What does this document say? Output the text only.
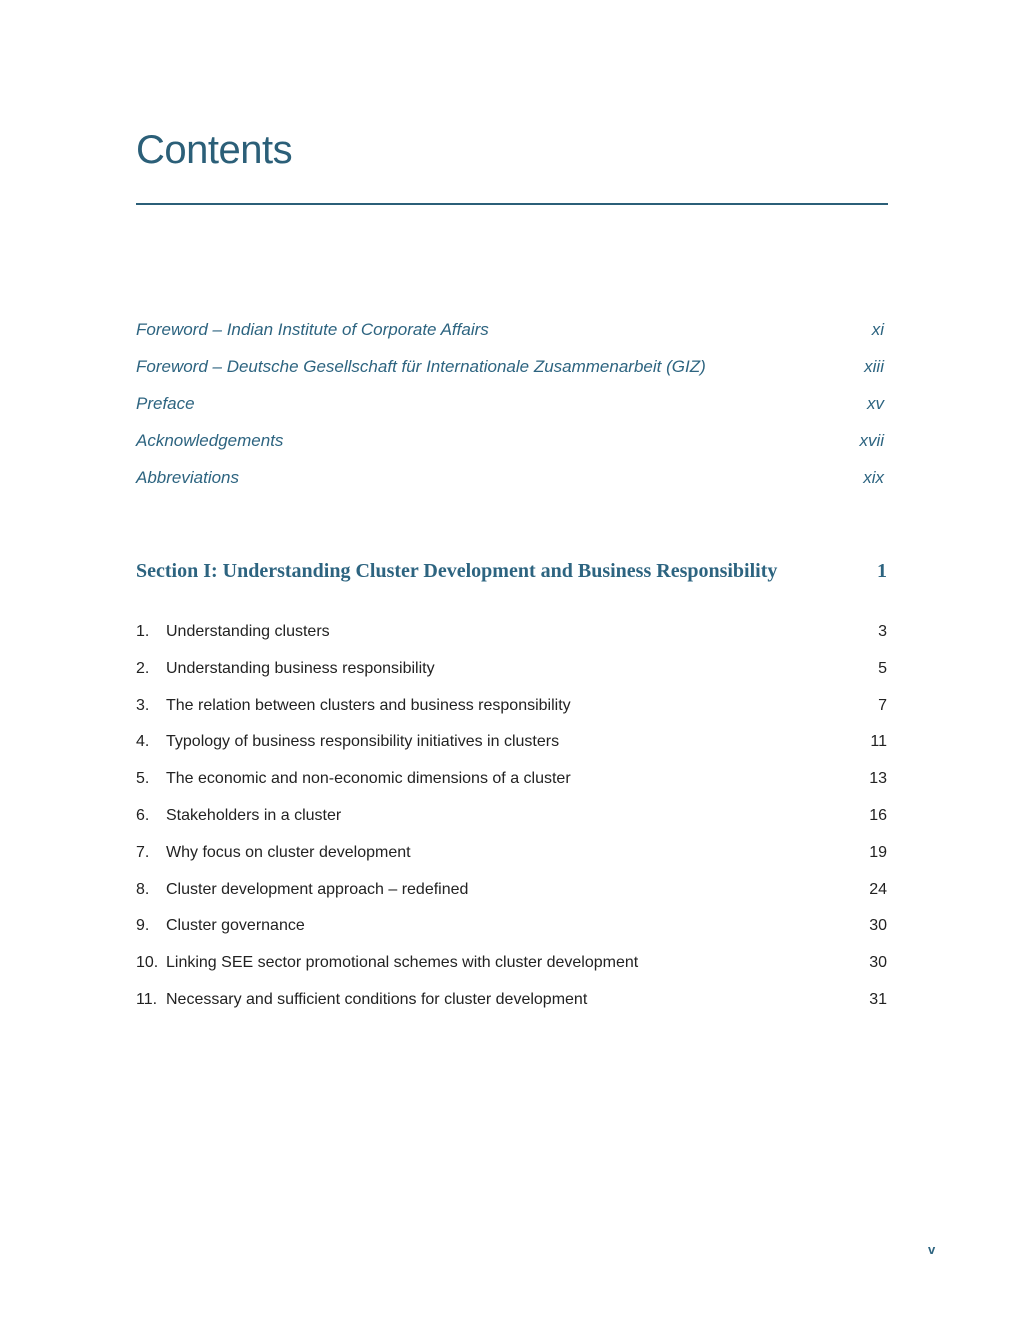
Contents
Foreword – Indian Institute of Corporate Affairs	xi
Foreword – Deutsche Gesellschaft für Internationale Zusammenarbeit (GIZ)	xiii
Preface	xv
Acknowledgements	xvii
Abbreviations	xix
Section I: Understanding Cluster Development and Business Responsibility	1
1. Understanding clusters	3
2. Understanding business responsibility	5
3. The relation between clusters and business responsibility	7
4. Typology of business responsibility initiatives in clusters	11
5. The economic and non-economic dimensions of a cluster	13
6. Stakeholders in a cluster	16
7. Why focus on cluster development	19
8. Cluster development approach – redefined	24
9. Cluster governance	30
10. Linking SEE sector promotional schemes with cluster development	30
11. Necessary and sufficient conditions for cluster development	31
v
